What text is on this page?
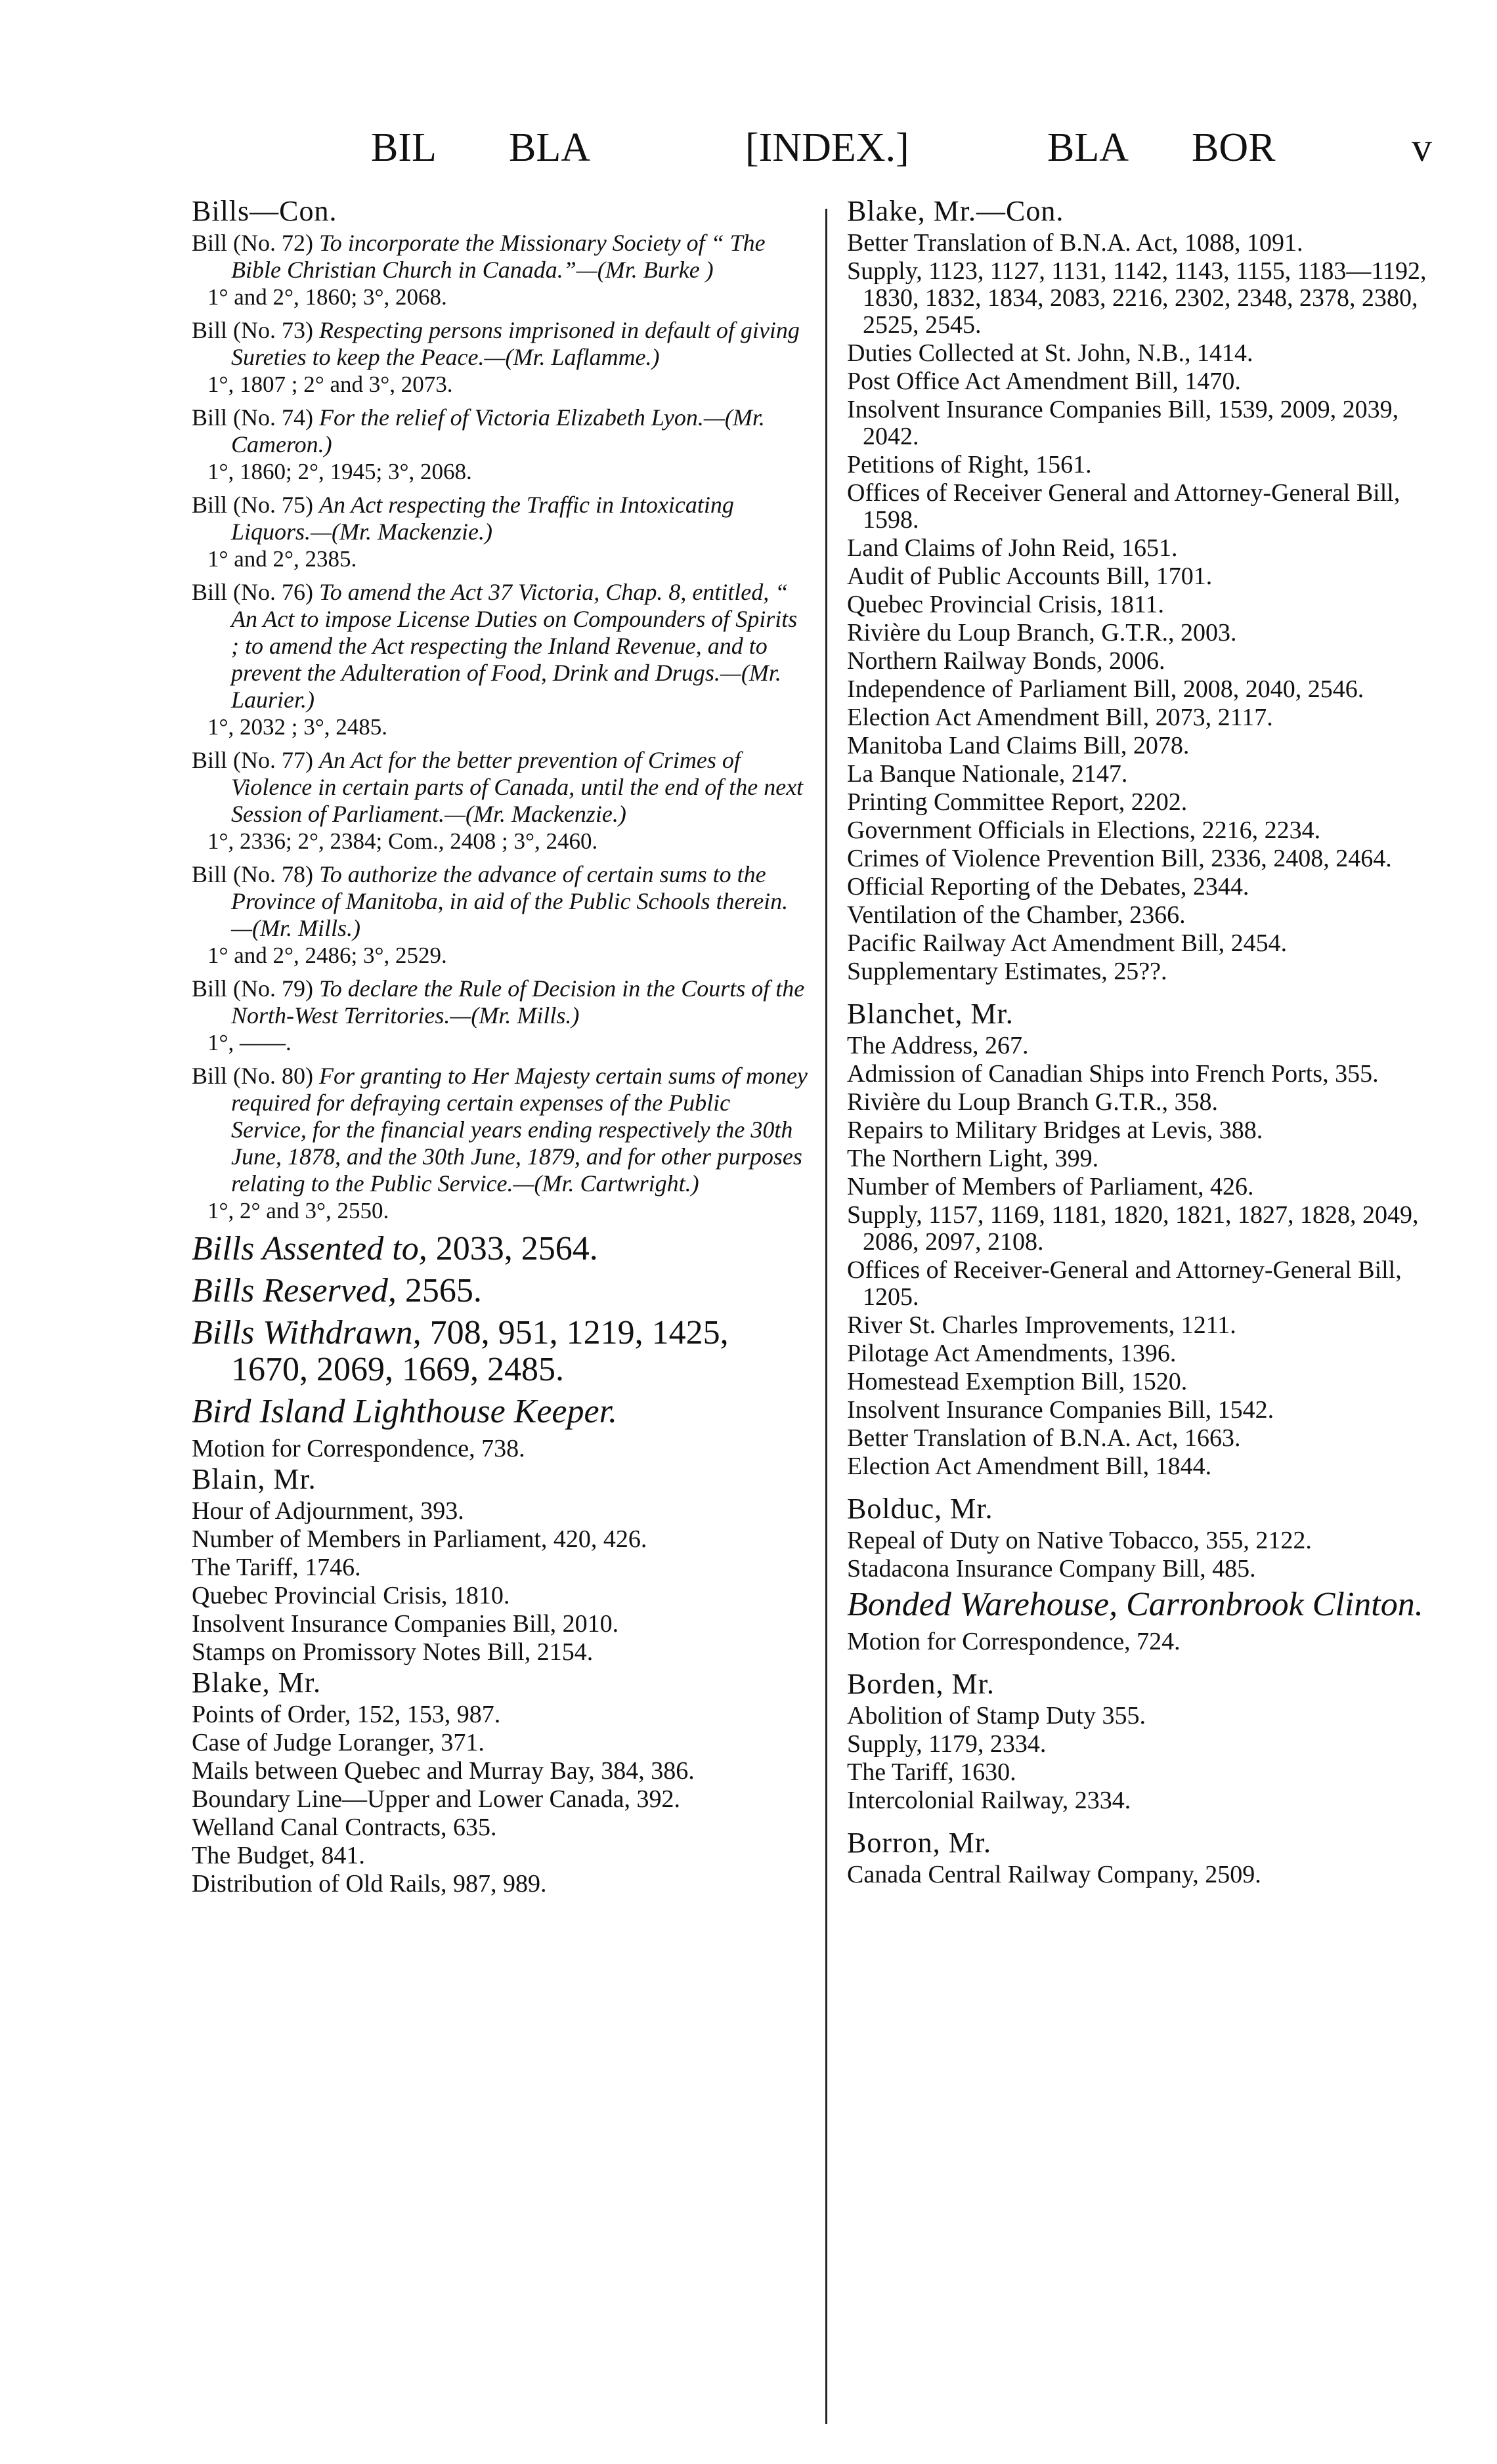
BIL BLA	[INDEX.]	BLA BOR	v
Bills—Con.
Bill (No. 72) To incorporate the Missionary Society of “ The Bible Christian Church in Canada.”—(Mr. Burke )
1° and 2°, 1860; 3°, 2068.
Bill (No. 73) Respecting persons imprisoned in default of giving Sureties to keep the Peace.—(Mr. Laflamme.)
1°, 1807 ; 2° and 3°, 2073.
Bill (No. 74) For the relief of Victoria Elizabeth Lyon.—(Mr. Cameron.)
1°, 1860; 2°, 1945; 3°, 2068.
Bill (No. 75) An Act respecting the Traffic in Intoxicating Liquors.—(Mr. Mackenzie.)
1° and 2°, 2385.
Bill (No. 76) To amend the Act 37 Victoria, Chap. 8, entitled, “ An Act to impose License Duties on Compounders of Spirits ; to amend the Act respecting the Inland Revenue, and to prevent the Adulteration of Food, Drink and Drugs.—(Mr. Laurier.)
1°, 2032 ; 3°, 2485.
Bill (No. 77) An Act for the better prevention of Crimes of Violence in certain parts of Canada, until the end of the next Session of Parliament.—(Mr. Mackenzie.)
1°, 2336; 2°, 2384; Com., 2408 ; 3°, 2460.
Bill (No. 78) To authorize the advance of certain sums to the Province of Manitoba, in aid of the Public Schools therein.—(Mr. Mills.)
1° and 2°, 2486; 3°, 2529.
Bill (No. 79) To declare the Rule of Decision in the Courts of the North-West Territories.—(Mr. Mills.)
1°, ——.
Bill (No. 80) For granting to Her Majesty certain sums of money required for defraying certain expenses of the Public Service, for the financial years ending respectively the 30th June, 1878, and the 30th June, 1879, and for other purposes relating to the Public Service.—(Mr. Cartwright.)
1°, 2° and 3°, 2550.
Bills Assented to, 2033, 2564.
Bills Reserved, 2565.
Bills Withdrawn, 708, 951, 1219, 1425, 1670, 2069, 1669, 2485.
Bird Island Lighthouse Keeper.
Motion for Correspondence, 738.
Blain, Mr.
Hour of Adjournment, 393.
Number of Members in Parliament, 420, 426.
The Tariff, 1746.
Quebec Provincial Crisis, 1810.
Insolvent Insurance Companies Bill, 2010.
Stamps on Promissory Notes Bill, 2154.
Blake, Mr.
Points of Order, 152, 153, 987.
Case of Judge Loranger, 371.
Mails between Quebec and Murray Bay, 384, 386.
Boundary Line—Upper and Lower Canada, 392.
Welland Canal Contracts, 635.
The Budget, 841.
Distribution of Old Rails, 987, 989.
Blake, Mr.—Con.
Better Translation of B.N.A. Act, 1088, 1091.
Supply, 1123, 1127, 1131, 1142, 1143, 1155, 1183—1192, 1830, 1832, 1834, 2083, 2216, 2302, 2348, 2378, 2380, 2525, 2545.
Duties Collected at St. John, N.B., 1414.
Post Office Act Amendment Bill, 1470.
Insolvent Insurance Companies Bill, 1539, 2009, 2039, 2042.
Petitions of Right, 1561.
Offices of Receiver General and Attorney-General Bill, 1598.
Land Claims of John Reid, 1651.
Audit of Public Accounts Bill, 1701.
Quebec Provincial Crisis, 1811.
Rivière du Loup Branch, G.T.R., 2003.
Northern Railway Bonds, 2006.
Independence of Parliament Bill, 2008, 2040, 2546.
Election Act Amendment Bill, 2073, 2117.
Manitoba Land Claims Bill, 2078.
La Banque Nationale, 2147.
Printing Committee Report, 2202.
Government Officials in Elections, 2216, 2234.
Crimes of Violence Prevention Bill, 2336, 2408, 2464.
Official Reporting of the Debates, 2344.
Ventilation of the Chamber, 2366.
Pacific Railway Act Amendment Bill, 2454.
Supplementary Estimates, 25??.
Blanchet, Mr.
The Address, 267.
Admission of Canadian Ships into French Ports, 355.
Rivière du Loup Branch G.T.R., 358.
Repairs to Military Bridges at Levis, 388.
The Northern Light, 399.
Number of Members of Parliament, 426.
Supply, 1157, 1169, 1181, 1820, 1821, 1827, 1828, 2049, 2086, 2097, 2108.
Offices of Receiver-General and Attorney-General Bill, 1205.
River St. Charles Improvements, 1211.
Pilotage Act Amendments, 1396.
Homestead Exemption Bill, 1520.
Insolvent Insurance Companies Bill, 1542.
Better Translation of B.N.A. Act, 1663.
Election Act Amendment Bill, 1844.
Bolduc, Mr.
Repeal of Duty on Native Tobacco, 355, 2122.
Stadacona Insurance Company Bill, 485.
Bonded Warehouse, Carronbrook Clinton.
Motion for Correspondence, 724.
Borden, Mr.
Abolition of Stamp Duty 355.
Supply, 1179, 2334.
The Tariff, 1630.
Intercolonial Railway, 2334.
Borron, Mr.
Canada Central Railway Company, 2509.
